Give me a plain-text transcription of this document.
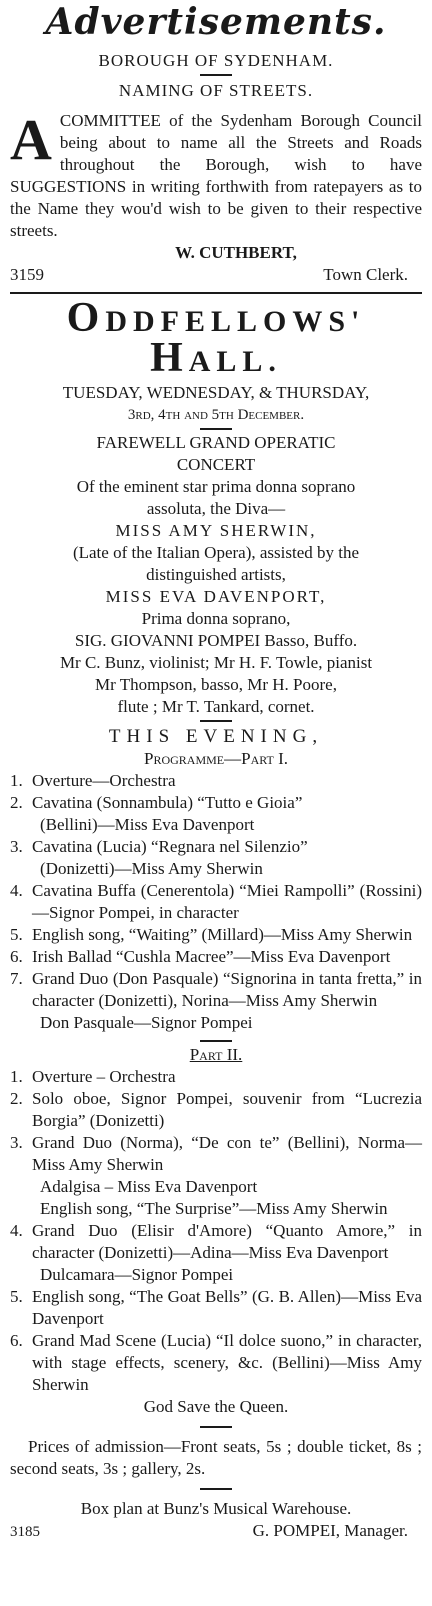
Advertisements.
BOROUGH OF SYDENHAM.
NAMING OF STREETS.
A COMMITTEE of the Sydenham Borough Council being about to name all the Streets and Roads throughout the Borough, wish to have SUGGESTIONS in writing forthwith from ratepayers as to the Name they wou'd wish to be given to their respective streets.
W. CUTHBERT,
3159	Town Clerk.
ODDFELLOWS' HALL.
TUESDAY, WEDNESDAY, & THURSDAY,
3rd, 4th and 5th December.
FAREWELL GRAND OPERATIC
CONCERT
Of the eminent star prima donna soprano
assoluta, the Diva—
MISS AMY SHERWIN,
(Late of the Italian Opera), assisted by the
distinguished artists,
MISS EVA DAVENPORT,
Prima donna soprano,
SIG. GIOVANNI POMPEI Basso, Buffo.
Mr C. Bunz, violinist; Mr H. F. Towle, pianist
Mr Thompson, basso, Mr H. Poore,
flute ; Mr T. Tankard, cornet.
THIS EVENING,
Programme—Part I.
1. Overture—Orchestra
2. Cavatina (Sonnambula) “Tutto e Gioia”
(Bellini)—Miss Eva Davenport
3. Cavatina (Lucia) “Regnara nel Silenzio”
(Donizetti)—Miss Amy Sherwin
4. Cavatina Buffa (Cenerentola) “Miei Rampolli” (Rossini)—Signor Pompei, in character
5. English song, “Waiting” (Millard)—Miss Amy Sherwin
6. Irish Ballad “Cushla Macree”—Miss Eva Davenport
7. Grand Duo (Don Pasquale) “Signorina in tanta fretta,” in character (Donizetti), Norina—Miss Amy Sherwin
Don Pasquale—Signor Pompei
Part II.
1. Overture – Orchestra
2. Solo oboe, Signor Pompei, souvenir from “Lucrezia Borgia” (Donizetti)
3. Grand Duo (Norma), “De con te” (Bellini), Norma—Miss Amy Sherwin
Adalgisa – Miss Eva Davenport
English song, “The Surprise”—Miss Amy Sherwin
4. Grand Duo (Elisir d'Amore) “Quanto Amore,” in character (Donizetti)—Adina—Miss Eva Davenport
Dulcamara—Signor Pompei
5. English song, “The Goat Bells” (G. B. Allen)—Miss Eva Davenport
6. Grand Mad Scene (Lucia) “Il dolce suono,” in character, with stage effects, scenery, &c. (Bellini)—Miss Amy Sherwin
God Save the Queen.
Prices of admission—Front seats, 5s ; double ticket, 8s ; second seats, 3s ; gallery, 2s.
Box plan at Bunz's Musical Warehouse.
3185	G. POMPEI, Manager.
